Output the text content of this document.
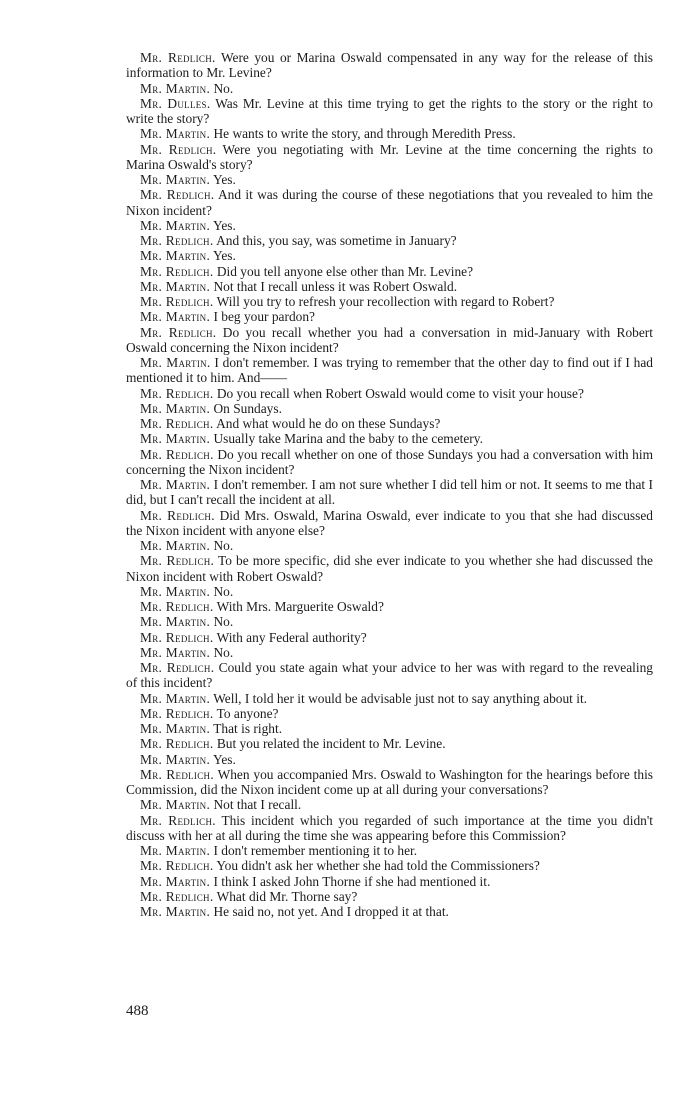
Mr. Redlich. Were you or Marina Oswald compensated in any way for the release of this information to Mr. Levine?

Mr. Martin. No.

Mr. Dulles. Was Mr. Levine at this time trying to get the rights to the story or the right to write the story?

Mr. Martin. He wants to write the story, and through Meredith Press.

Mr. Redlich. Were you negotiating with Mr. Levine at the time concerning the rights to Marina Oswald's story?

Mr. Martin. Yes.

Mr. Redlich. And it was during the course of these negotiations that you revealed to him the Nixon incident?

Mr. Martin. Yes.

Mr. Redlich. And this, you say, was sometime in January?

Mr. Martin. Yes.

Mr. Redlich. Did you tell anyone else other than Mr. Levine?

Mr. Martin. Not that I recall unless it was Robert Oswald.

Mr. Redlich. Will you try to refresh your recollection with regard to Robert?

Mr. Martin. I beg your pardon?

Mr. Redlich. Do you recall whether you had a conversation in mid-January with Robert Oswald concerning the Nixon incident?

Mr. Martin. I don't remember. I was trying to remember that the other day to find out if I had mentioned it to him. And——

Mr. Redlich. Do you recall when Robert Oswald would come to visit your house?

Mr. Martin. On Sundays.

Mr. Redlich. And what would he do on these Sundays?

Mr. Martin. Usually take Marina and the baby to the cemetery.

Mr. Redlich. Do you recall whether on one of those Sundays you had a conversation with him concerning the Nixon incident?

Mr. Martin. I don't remember. I am not sure whether I did tell him or not. It seems to me that I did, but I can't recall the incident at all.

Mr. Redlich. Did Mrs. Oswald, Marina Oswald, ever indicate to you that she had discussed the Nixon incident with anyone else?

Mr. Martin. No.

Mr. Redlich. To be more specific, did she ever indicate to you whether she had discussed the Nixon incident with Robert Oswald?

Mr. Martin. No.

Mr. Redlich. With Mrs. Marguerite Oswald?

Mr. Martin. No.

Mr. Redlich. With any Federal authority?

Mr. Martin. No.

Mr. Redlich. Could you state again what your advice to her was with regard to the revealing of this incident?

Mr. Martin. Well, I told her it would be advisable just not to say anything about it.

Mr. Redlich. To anyone?

Mr. Martin. That is right.

Mr. Redlich. But you related the incident to Mr. Levine.

Mr. Martin. Yes.

Mr. Redlich. When you accompanied Mrs. Oswald to Washington for the hearings before this Commission, did the Nixon incident come up at all during your conversations?

Mr. Martin. Not that I recall.

Mr. Redlich. This incident which you regarded of such importance at the time you didn't discuss with her at all during the time she was appearing before this Commission?

Mr. Martin. I don't remember mentioning it to her.

Mr. Redlich. You didn't ask her whether she had told the Commissioners?

Mr. Martin. I think I asked John Thorne if she had mentioned it.

Mr. Redlich. What did Mr. Thorne say?

Mr. Martin. He said no, not yet. And I dropped it at that.

488
